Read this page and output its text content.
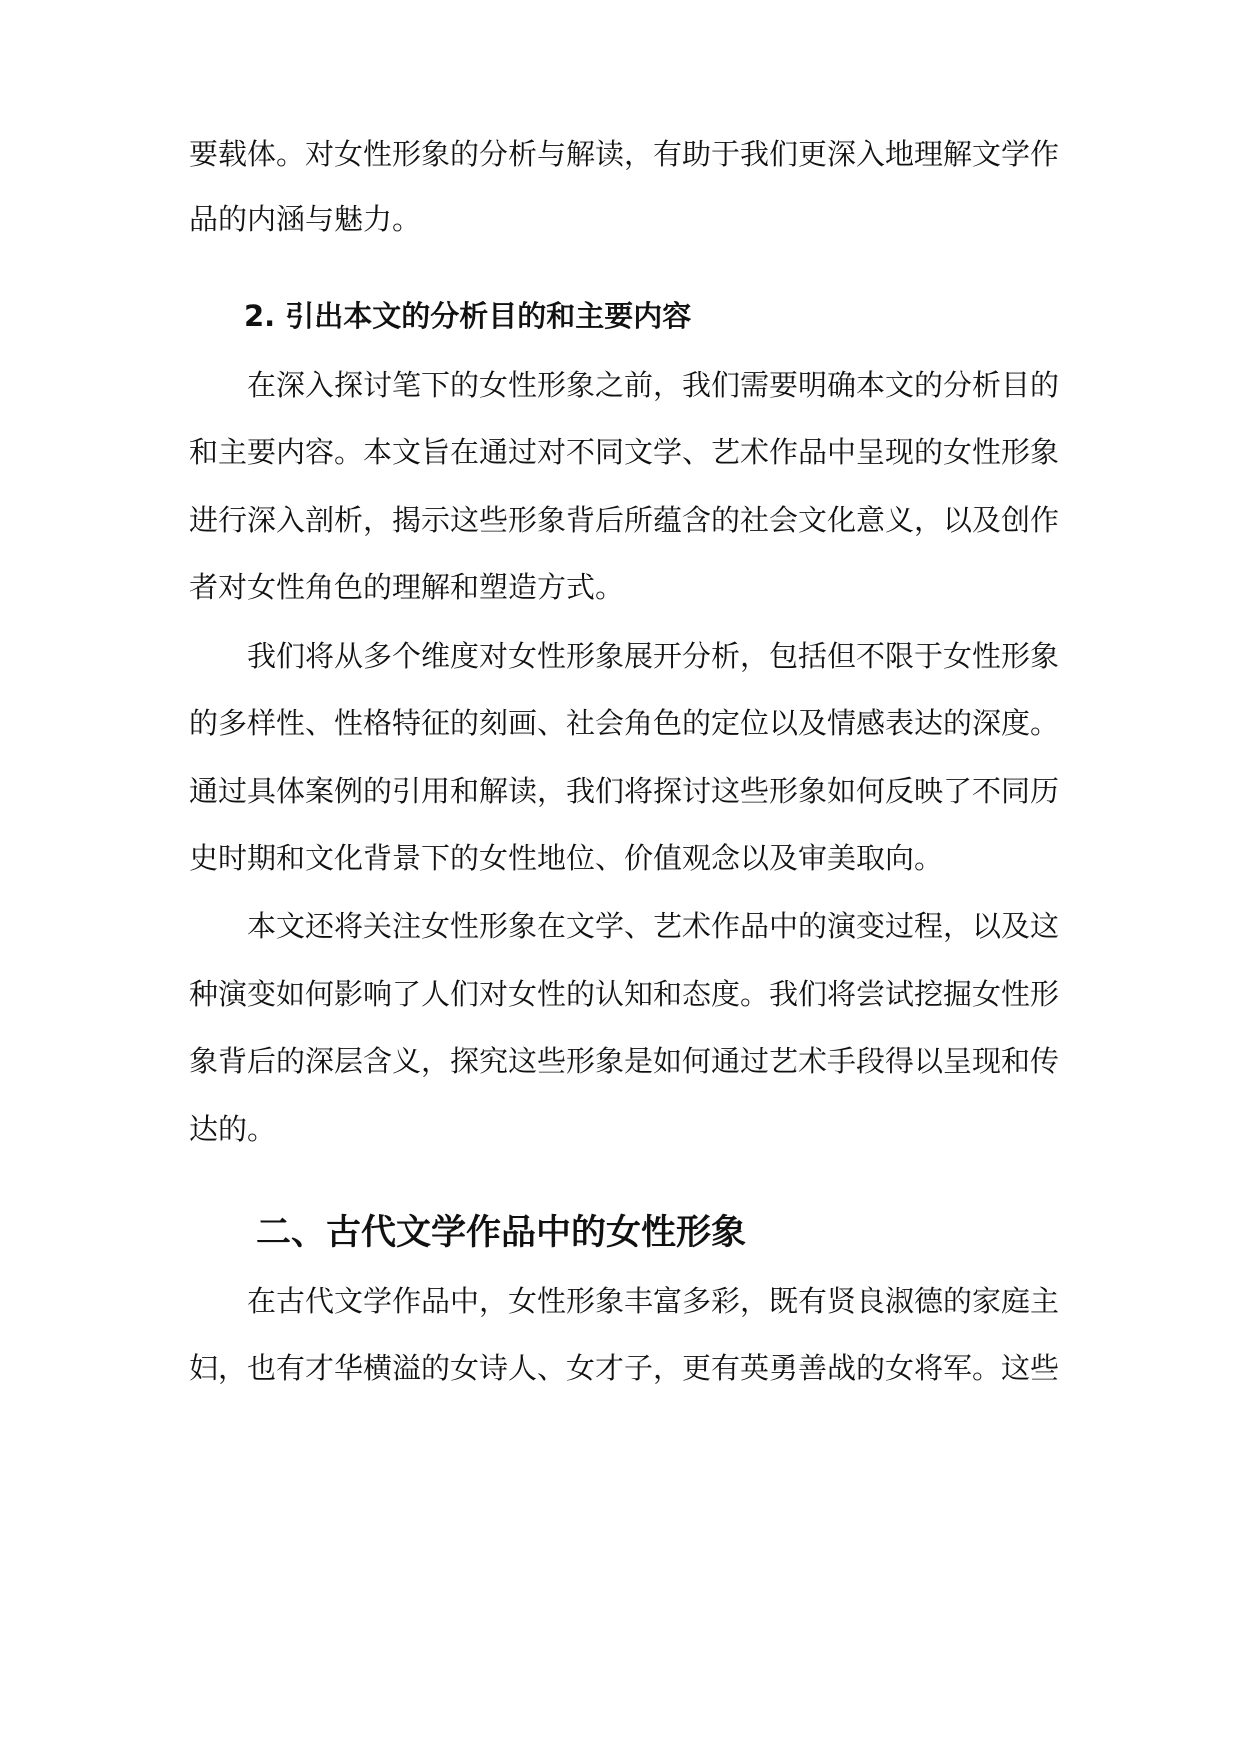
要载体。对女性形象的分析与解读，有助于我们更深入地理解文学作
品的内涵与魅力。
2. 引出本文的分析目的和主要内容
在深入探讨笔下的女性形象之前，我们需要明确本文的分析目的
和主要内容。本文旨在通过对不同文学、艺术作品中呈现的女性形象
进行深入剖析，揭示这些形象背后所蕴含的社会文化意义，以及创作
者对女性角色的理解和塑造方式。
我们将从多个维度对女性形象展开分析，包括但不限于女性形象
的多样性、性格特征的刻画、社会角色的定位以及情感表达的深度。
通过具体案例的引用和解读，我们将探讨这些形象如何反映了不同历
史时期和文化背景下的女性地位、价值观念以及审美取向。
本文还将关注女性形象在文学、艺术作品中的演变过程，以及这
种演变如何影响了人们对女性的认知和态度。我们将尝试挖掘女性形
象背后的深层含义，探究这些形象是如何通过艺术手段得以呈现和传
达的。
二、古代文学作品中的女性形象
在古代文学作品中，女性形象丰富多彩，既有贤良淑德的家庭主
妇，也有才华横溢的女诗人、女才子，更有英勇善战的女将军。这些
